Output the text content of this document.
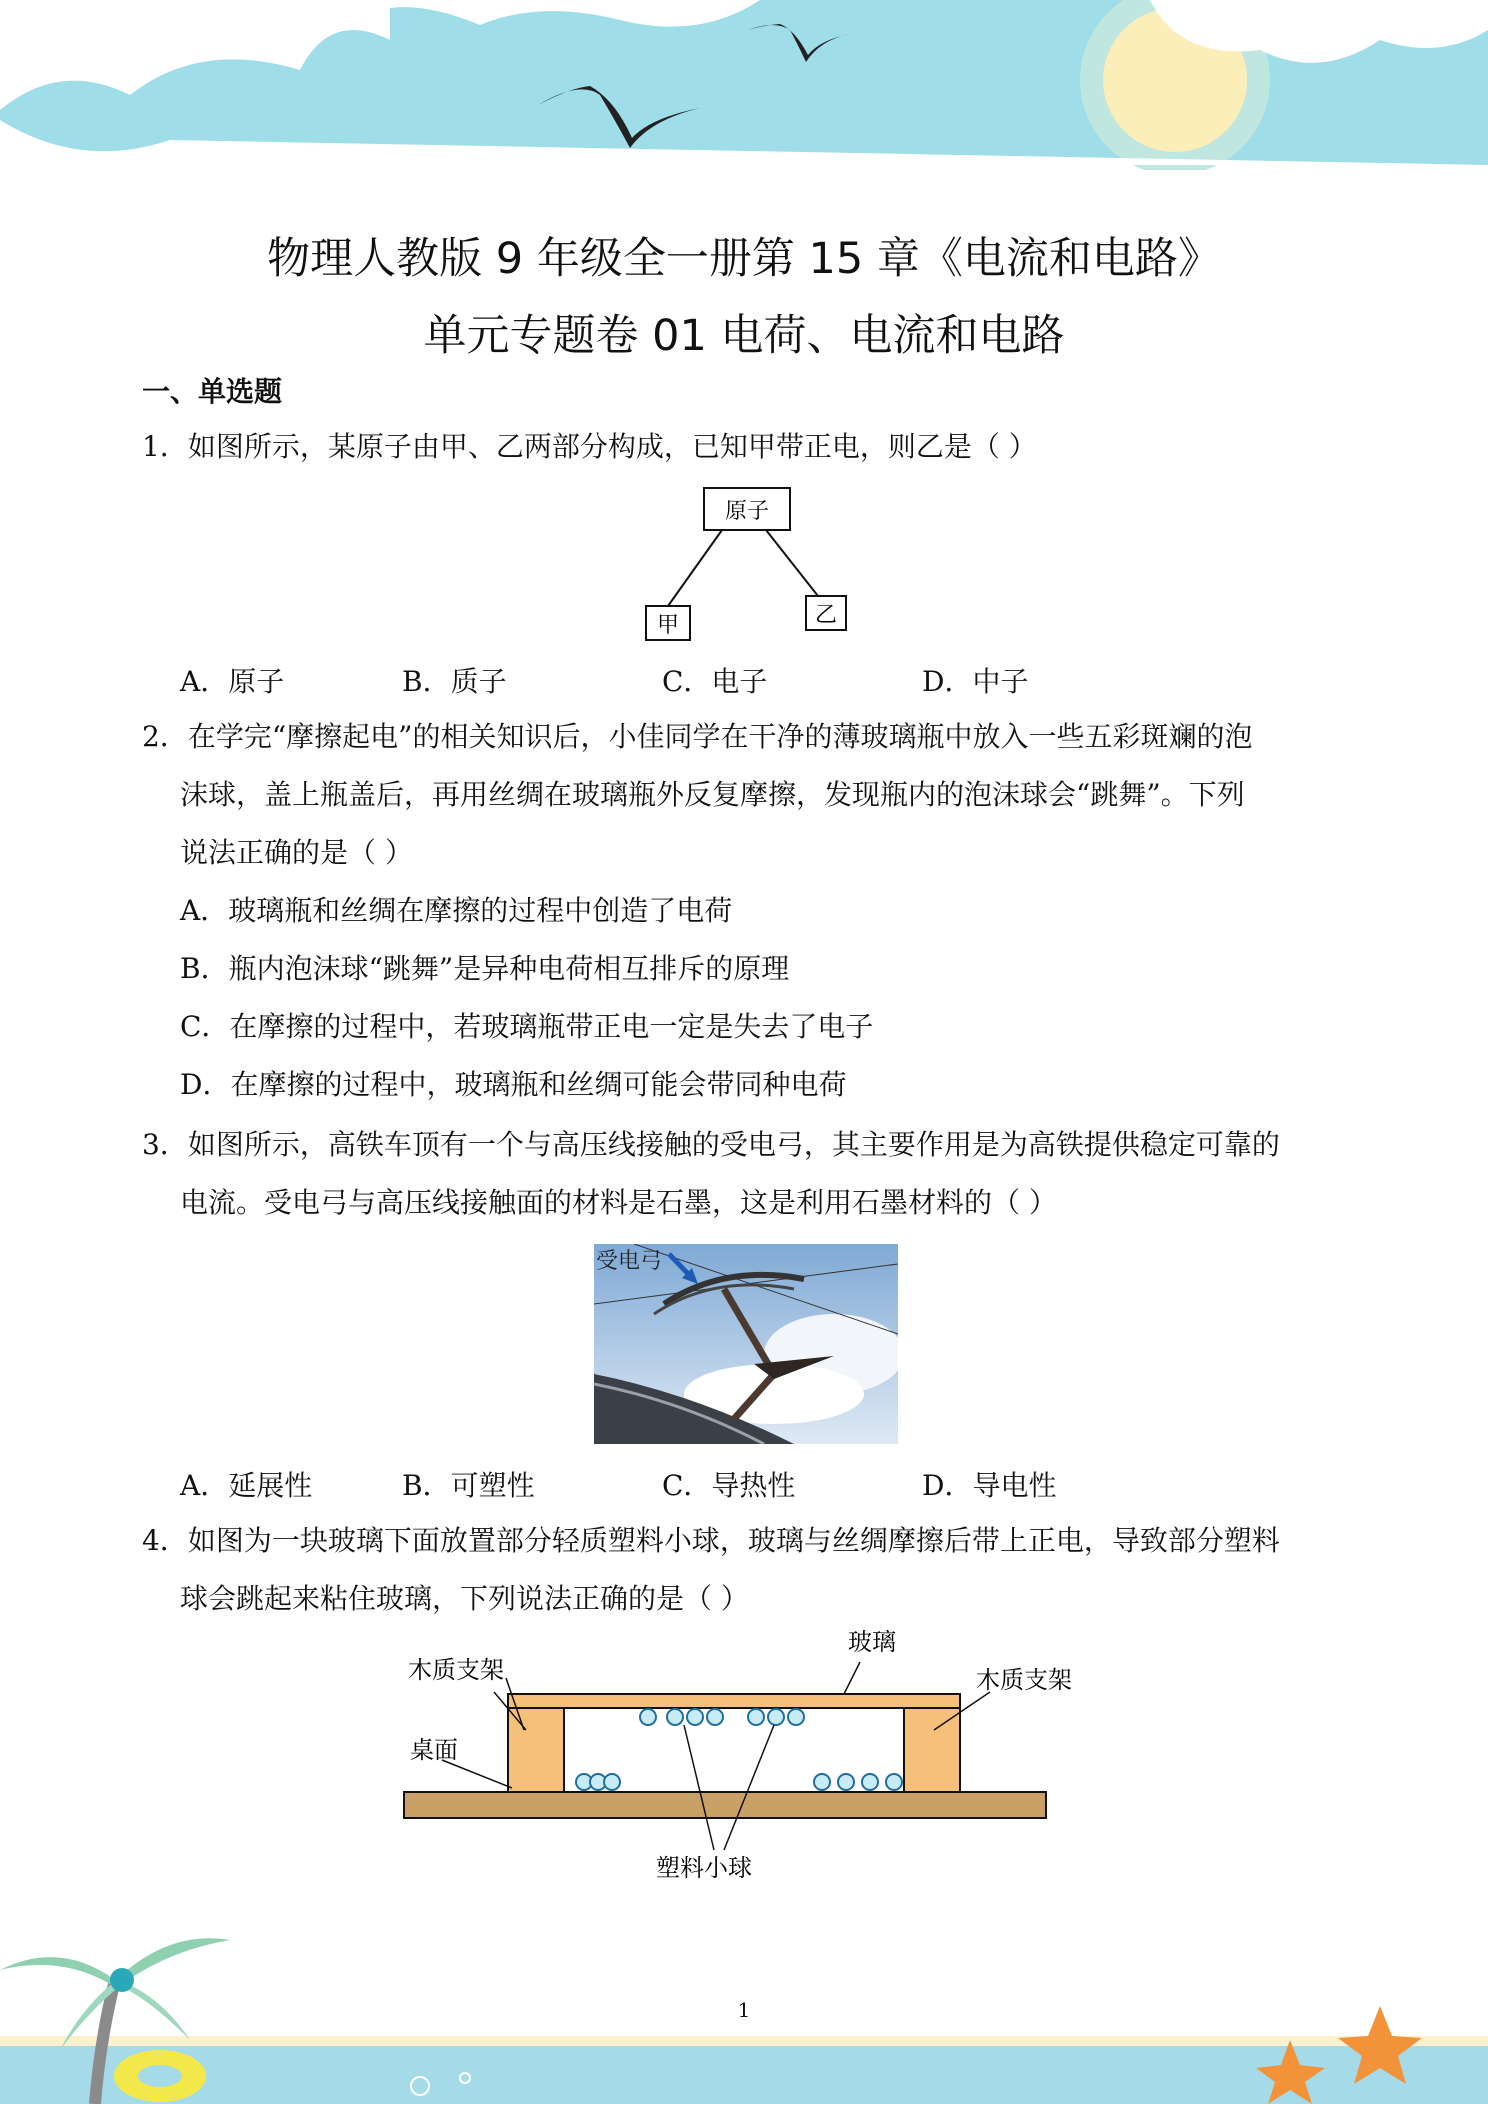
物理人教版 9 年级全一册第 15 章《电流和电路》
单元专题卷 01 电荷、电流和电路
一、单选题
1．如图所示，某原子由甲、乙两部分构成，已知甲带正电，则乙是（ ）
原子
甲	乙
A．原子	B．质子	C．电子	D．中子
2．在学完“摩擦起电”的相关知识后，小佳同学在干净的薄玻璃瓶中放入一些五彩斑斓的泡
沫球，盖上瓶盖后，再用丝绸在玻璃瓶外反复摩擦，发现瓶内的泡沫球会“跳舞”。下列
说法正确的是（ ）
A．玻璃瓶和丝绸在摩擦的过程中创造了电荷
B．瓶内泡沫球“跳舞”是异种电荷相互排斥的原理
C．在摩擦的过程中，若玻璃瓶带正电一定是失去了电子
D．在摩擦的过程中，玻璃瓶和丝绸可能会带同种电荷
3．如图所示，高铁车顶有一个与高压线接触的受电弓，其主要作用是为高铁提供稳定可靠的
电流。受电弓与高压线接触面的材料是石墨，这是利用石墨材料的（ ）
受电弓
A．延展性	B．可塑性	C．导热性	D．导电性
4．如图为一块玻璃下面放置部分轻质塑料小球，玻璃与丝绸摩擦后带上正电，导致部分塑料
球会跳起来粘住玻璃，下列说法正确的是（ ）
木质支架
玻璃
木质支架
桌面
塑料小球
1
